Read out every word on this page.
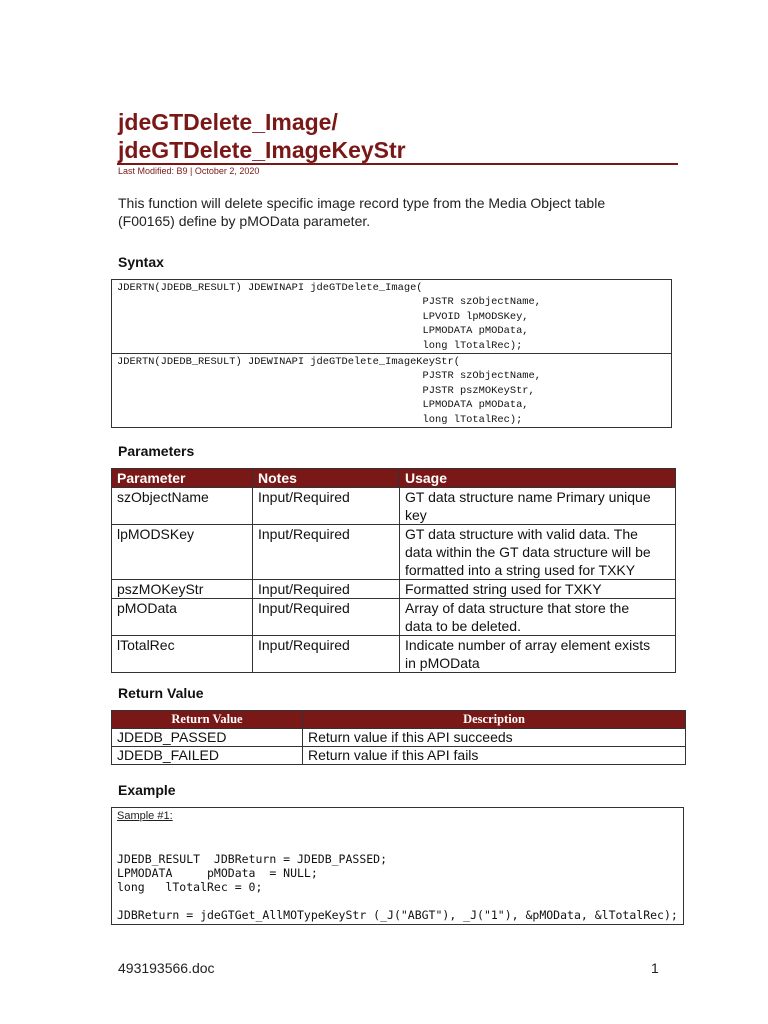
jdeGTDelete_Image/
jdeGTDelete_ImageKeyStr
Last Modified: B9 | October 2, 2020

This function will delete specific image record type from the Media Object table
(F00165) define by pMOData parameter.

Syntax
JDERTN(JDEDB_RESULT) JDEWINAPI jdeGTDelete_Image(
PJSTR szObjectName,
LPVOID lpMODSKey,
LPMODATA pMOData,
long lTotalRec);

JDERTN(JDEDB_RESULT) JDEWINAPI jdeGTDelete_ImageKeyStr(
PJSTR szObjectName,
PJSTR pszMOKeyStr,
LPMODATA pMOData,
long lTotalRec);
Parameters
Parameter	Notes	Usage
szObjectName	Input/Required	GT data structure name Primary unique
key
lpMODSKey	Input/Required	GT data structure with valid data. The
data within the GT data structure will be
formatted into a string used for TXKY
pszMOKeyStr	Input/Required	Formatted string used for TXKY
pMOData	Input/Required	Array of data structure that store the
data to be deleted.
lTotalRec	Input/Required	Indicate number of array element exists
in pMOData
Return Value
Return Value	Description
JDEDB_PASSED	Return value if this API succeeds
JDEDB_FAILED	Return value if this API fails
Example
Sample #1:
JDEDB_RESULT  JDBReturn = JDEDB_PASSED;
LPMODATA     pMOData  = NULL;
long   lTotalRec = 0;

JDBReturn = jdeGTGet_AllMOTypeKeyStr (_J("ABGT"), _J("1"), &pMOData, &lTotalRec);
493193566.doc	1
